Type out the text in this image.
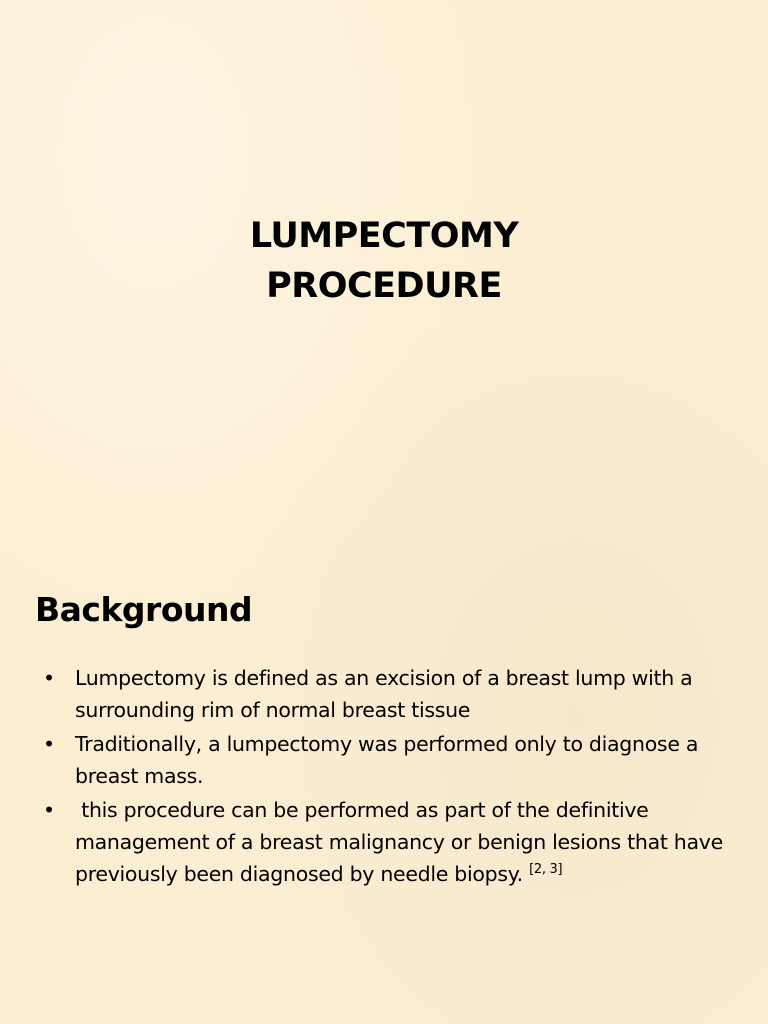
LUMPECTOMY
PROCEDURE
Background
• Lumpectomy is defined as an excision of a breast lump with a surrounding rim of normal breast tissue
• Traditionally, a lumpectomy was performed only to diagnose a breast mass.
• this procedure can be performed as part of the definitive management of a breast malignancy or benign lesions that have previously been diagnosed by needle biopsy. [2, 3]
